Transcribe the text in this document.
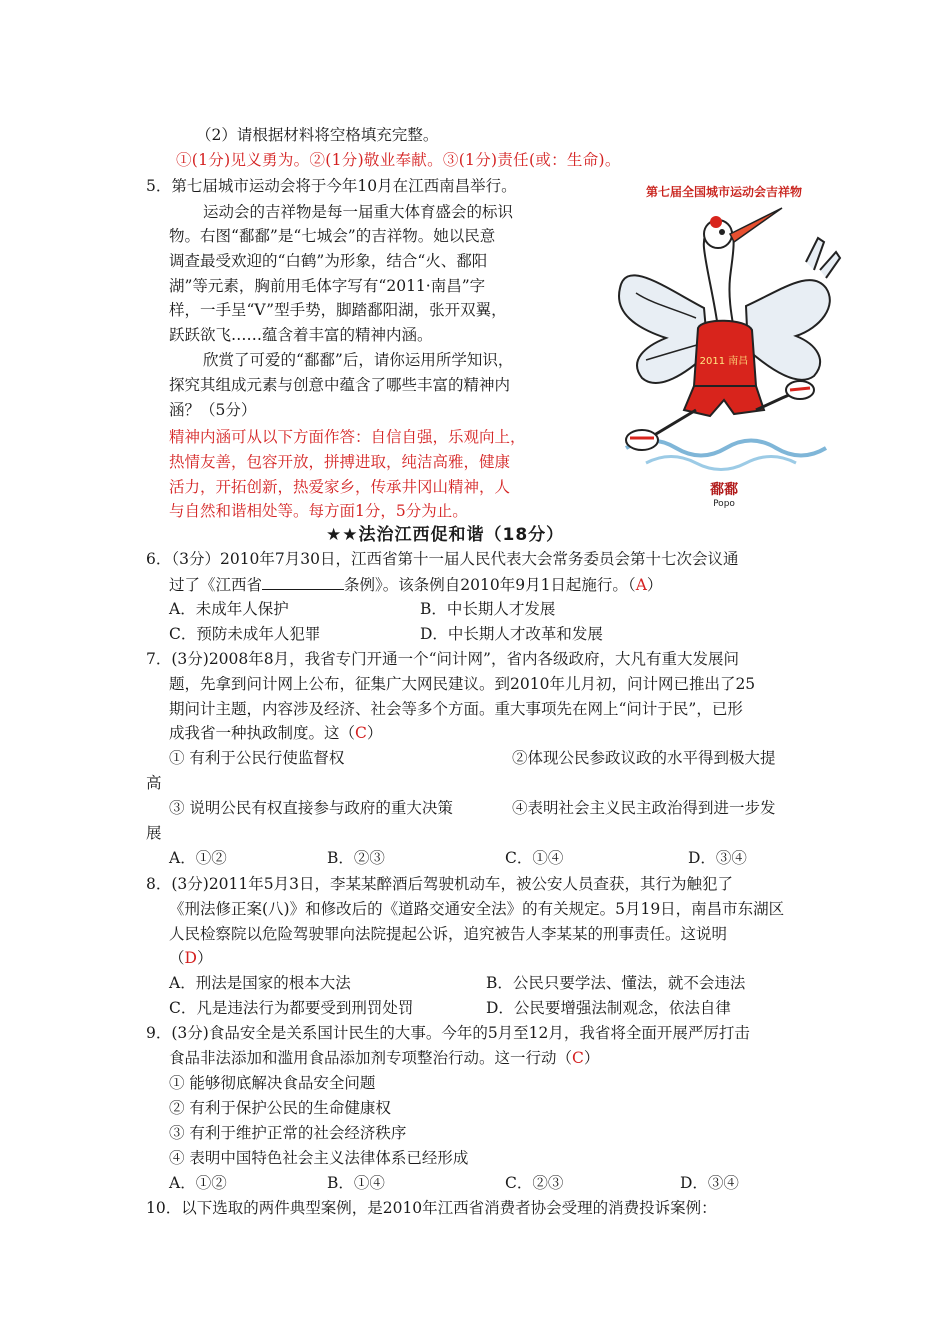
（2）请根据材料将空格填充完整。
①(1分)见义勇为。②(1分)敬业奉献。③(1分)责任(或：生命)。
5．第七届城市运动会将于今年10月在江西南昌举行。
运动会的吉祥物是每一届重大体育盛会的标识
物。右图“鄱鄱”是“七城会”的吉祥物。她以民意
调查最受欢迎的“白鹤”为形象，结合“火、鄱阳
湖”等元素，胸前用毛体字写有“2011·南昌”字
样，一手呈“V”型手势，脚踏鄱阳湖，张开双翼，
跃跃欲飞……蕴含着丰富的精神内涵。
欣赏了可爱的“鄱鄱”后，请你运用所学知识，
探究其组成元素与创意中蕴含了哪些丰富的精神内
涵？（5分）
精神内涵可从以下方面作答：自信自强，乐观向上，
热情友善，包容开放，拼搏进取，纯洁高雅，健康
活力，开拓创新，热爱家乡，传承井冈山精神，人
与自然和谐相处等。每方面1分，5分为止。
第七届全国城市运动会吉祥物
2011 南昌
鄱鄱
Popo
★★法治江西促和谐（18分）
6．（3分）2010年7月30日，江西省第十一届人民代表大会常务委员会第十七次会议通
过了《江西省	条例》。该条例自2010年9月1日起施行。（A）
A．未成年人保护	B．中长期人才发展
C．预防未成年人犯罪	D．中长期人才改革和发展
7．(3分)2008年8月，我省专门开通一个“问计网”，省内各级政府，大凡有重大发展问
题，先拿到问计网上公布，征集广大网民建议。到2010年儿月初，问计网已推出了25
期问计主题，内容涉及经济、社会等多个方面。重大事项先在网上“问计于民”，已形
成我省一种执政制度。这（C）
① 有利于公民行使监督权	②体现公民参政议政的水平得到极大提
高
③ 说明公民有权直接参与政府的重大决策	④表明社会主义民主政治得到进一步发
展
A．①②	B．②③	C．①④	D．③④
8．(3分)2011年5月3日，李某某醉酒后驾驶机动车，被公安人员查获，其行为触犯了
《刑法修正案(八)》和修改后的《道路交通安全法》的有关规定。5月19日，南昌市东湖区
人民检察院以危险驾驶罪向法院提起公诉，追究被告人李某某的刑事责任。这说明
（D）
A．刑法是国家的根本大法	B．公民只要学法、懂法，就不会违法
C．凡是违法行为都要受到刑罚处罚	D．公民要增强法制观念，依法自律
9．(3分)食品安全是关系国计民生的大事。今年的5月至12月，我省将全面开展严厉打击
食品非法添加和滥用食品添加剂专项整治行动。这一行动（C）
① 能够彻底解决食品安全问题
② 有利于保护公民的生命健康权
③ 有利于维护正常的社会经济秩序
④ 表明中国特色社会主义法律体系已经形成
A．①②	B．①④	C．②③	D．③④
10．以下选取的两件典型案例，是2010年江西省消费者协会受理的消费投诉案例：
